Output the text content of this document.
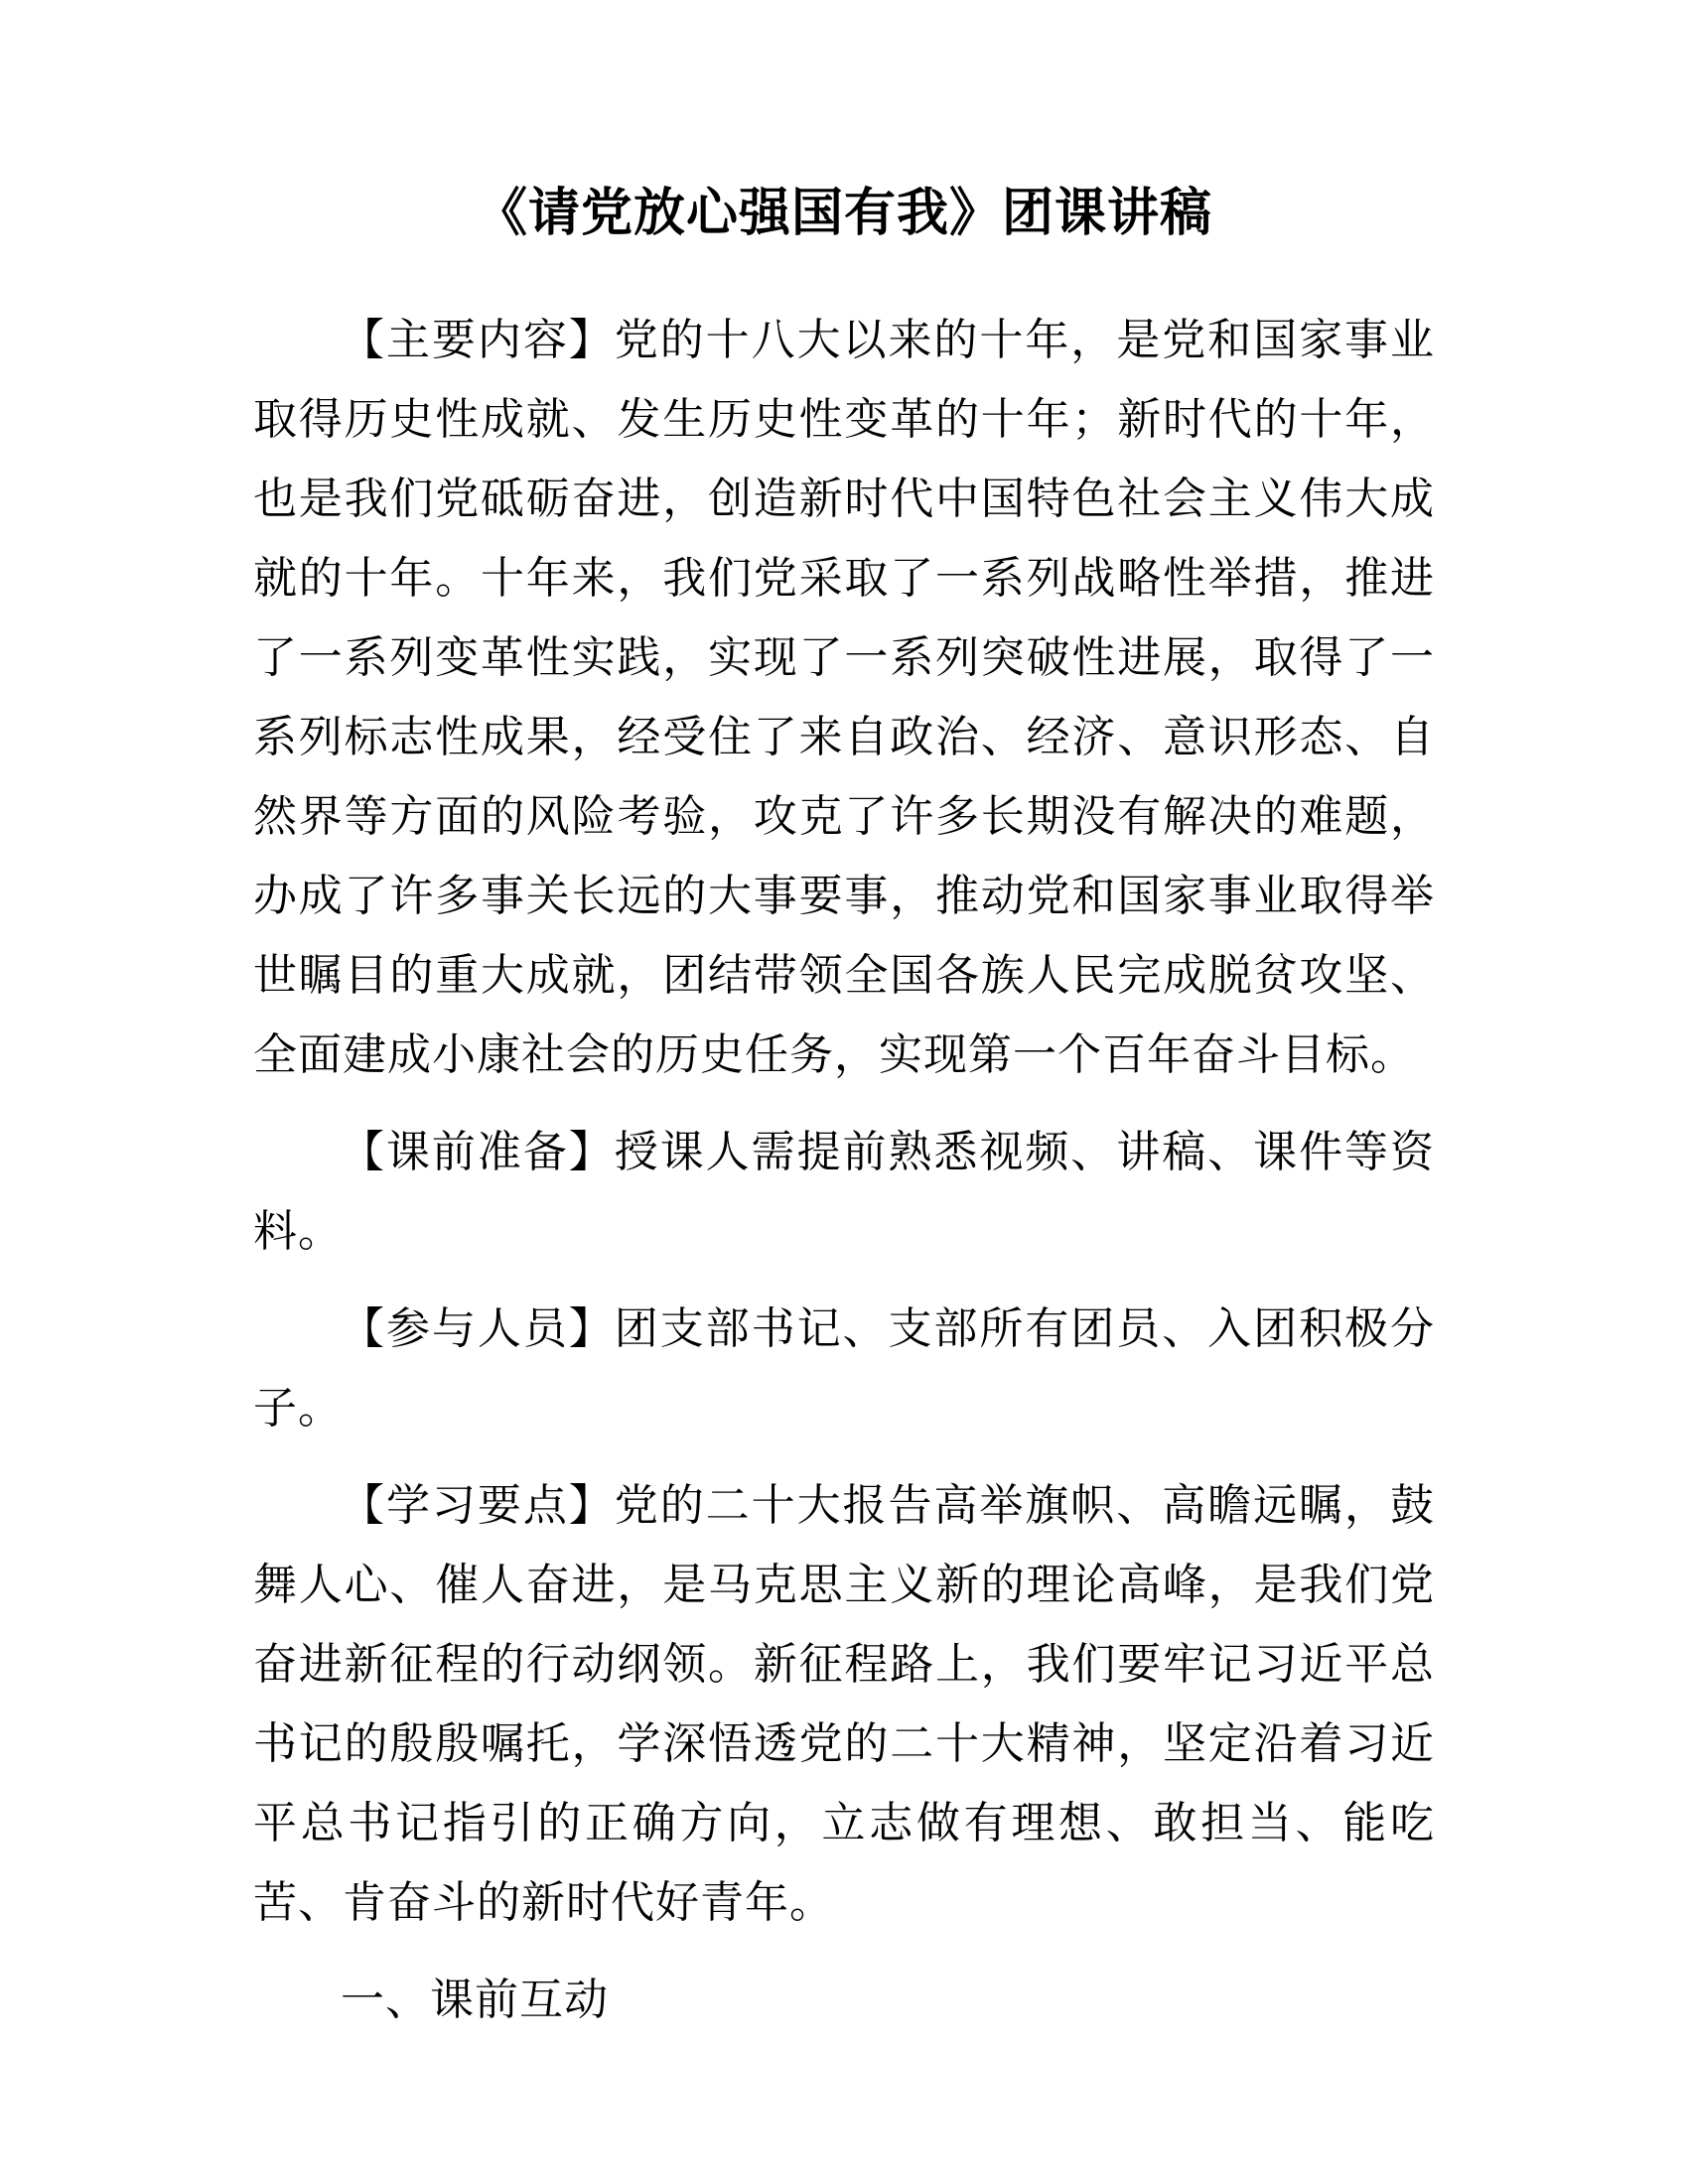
《请党放心强国有我》团课讲稿

【主要内容】党的十八大以来的十年，是党和国家事业取得历史性成就、发生历史性变革的十年；新时代的十年，也是我们党砥砺奋进，创造新时代中国特色社会主义伟大成就的十年。十年来，我们党采取了一系列战略性举措，推进了一系列变革性实践，实现了一系列突破性进展，取得了一系列标志性成果，经受住了来自政治、经济、意识形态、自然界等方面的风险考验，攻克了许多长期没有解决的难题，办成了许多事关长远的大事要事，推动党和国家事业取得举世瞩目的重大成就，团结带领全国各族人民完成脱贫攻坚、全面建成小康社会的历史任务，实现第一个百年奋斗目标。

【课前准备】授课人需提前熟悉视频、讲稿、课件等资料。

【参与人员】团支部书记、支部所有团员、入团积极分子。

【学习要点】党的二十大报告高举旗帜、高瞻远瞩，鼓舞人心、催人奋进，是马克思主义新的理论高峰，是我们党奋进新征程的行动纲领。新征程路上，我们要牢记习近平总书记的殷殷嘱托，学深悟透党的二十大精神，坚定沿着习近平总书记指引的正确方向，立志做有理想、敢担当、能吃苦、肯奋斗的新时代好青年。

一、课前互动
